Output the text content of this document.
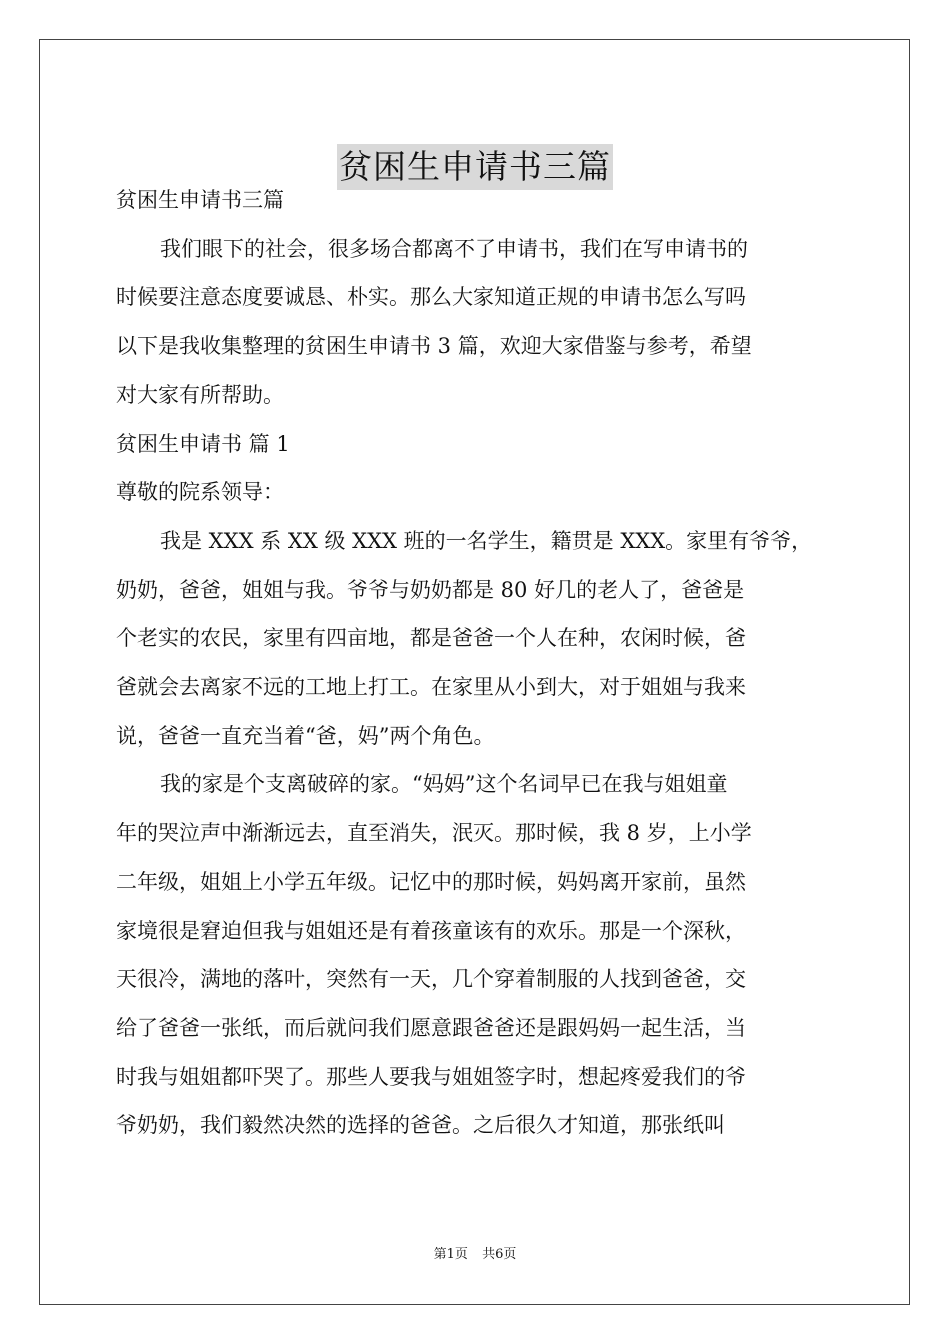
贫困生申请书三篇

贫困生申请书三篇

我们眼下的社会，很多场合都离不了申请书，我们在写申请书的

时候要注意态度要诚恳、朴实。那么大家知道正规的申请书怎么写吗

以下是我收集整理的贫困生申请书 3 篇，欢迎大家借鉴与参考，希望

对大家有所帮助。

贫困生申请书 篇 1

尊敬的院系领导：

我是 XXX 系 XX 级 XXX 班的一名学生，籍贯是 XXX。家里有爷爷，

奶奶，爸爸，姐姐与我。爷爷与奶奶都是 80 好几的老人了，爸爸是

个老实的农民，家里有四亩地，都是爸爸一个人在种，农闲时候，爸

爸就会去离家不远的工地上打工。在家里从小到大，对于姐姐与我来

说，爸爸一直充当着“爸，妈”两个角色。

我的家是个支离破碎的家。“妈妈”这个名词早已在我与姐姐童

年的哭泣声中渐渐远去，直至消失，泯灭。那时候，我 8 岁，上小学

二年级，姐姐上小学五年级。记忆中的那时候，妈妈离开家前，虽然

家境很是窘迫但我与姐姐还是有着孩童该有的欢乐。那是一个深秋，

天很冷，满地的落叶，突然有一天，几个穿着制服的人找到爸爸，交

给了爸爸一张纸，而后就问我们愿意跟爸爸还是跟妈妈一起生活，当

时我与姐姐都吓哭了。那些人要我与姐姐签字时，想起疼爱我们的爷

爷奶奶，我们毅然决然的选择的爸爸。之后很久才知道，那张纸叫

第1页 共6页
